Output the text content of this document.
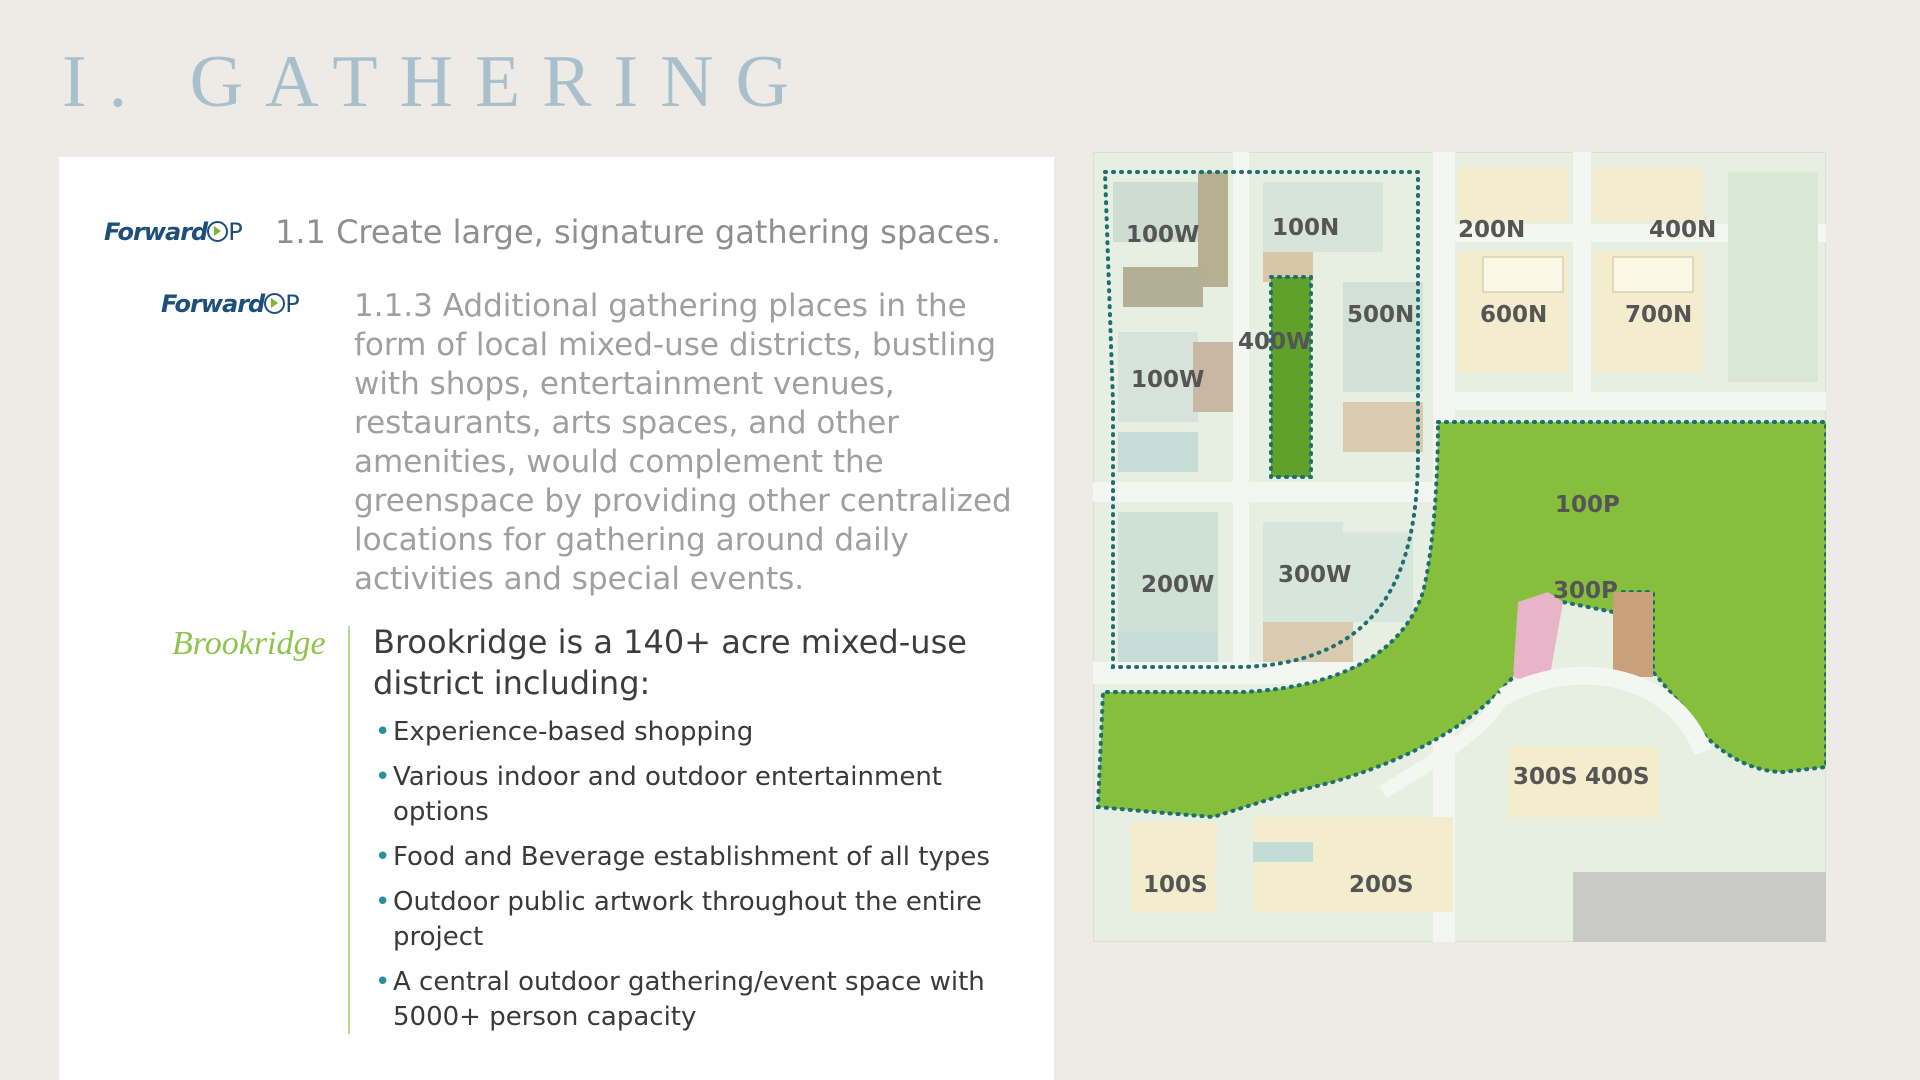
I. GATHERING
Forward P 1.1 Create large, signature gathering spaces.
Forward P 1.1.3 Additional gathering places in the form of local mixed-use districts, bustling with shops, entertainment venues, restaurants, arts spaces, and other amenities, would complement the greenspace by providing other centralized locations for gathering around daily activities and special events.
Brookridge Brookridge is a 140+ acre mixed-use district including:
• Experience-based shopping
• Various indoor and outdoor entertainment options
• Food and Beverage establishment of all types
• Outdoor public artwork throughout the entire project
• A central outdoor gathering/event space with 5000+ person capacity
100W	100N	200N	400N
500N
400W
100W
600N	700N
100P
200W	300W
300P
300S 400S
100S	200S
